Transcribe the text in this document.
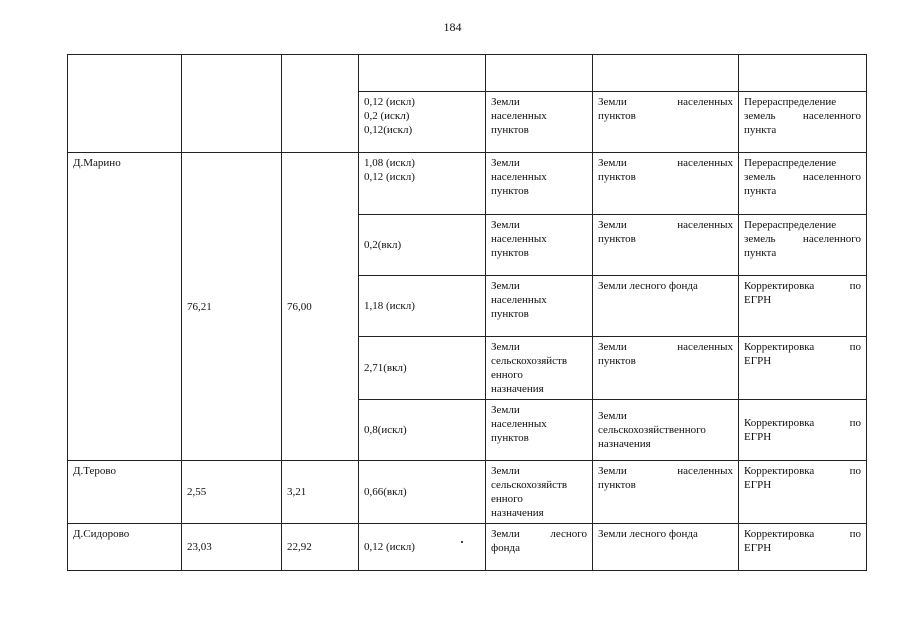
184

			0,12 (искл)
0,2 (искл)
0,12(искл)	Земли
населенных
пунктов	Земли населенных
пунктов	Перераспределение
земель населенного
пункта

Д.Марино	76,21	76,00	1,08 (искл)
0,12 (искл)	Земли
населенных
пунктов	Земли населенных
пунктов	Перераспределение
земель населенного
пункта

			0,2(вкл)	Земли
населенных
пунктов	Земли населенных
пунктов	Перераспределение
земель населенного
пункта

			1,18 (искл)	Земли
населенных
пунктов	Земли лесного фонда	Корректировка по
ЕГРН

			2,71(вкл)	Земли
сельскохозяйств
енного
назначения	Земли населенных
пунктов	Корректировка по
ЕГРН

			0,8(искл)	Земли
населенных
пунктов	Земли
сельскохозяйственного
назначения	Корректировка по
ЕГРН

Д.Терово	2,55	3,21	0,66(вкл)	Земли
сельскохозяйств
енного
назначения	Земли населенных
пунктов	Корректировка по
ЕГРН

Д.Сидорово	23,03	22,92	0,12 (искл)	Земли лесного
фонда	Земли лесного фонда	Корректировка по
ЕГРН
